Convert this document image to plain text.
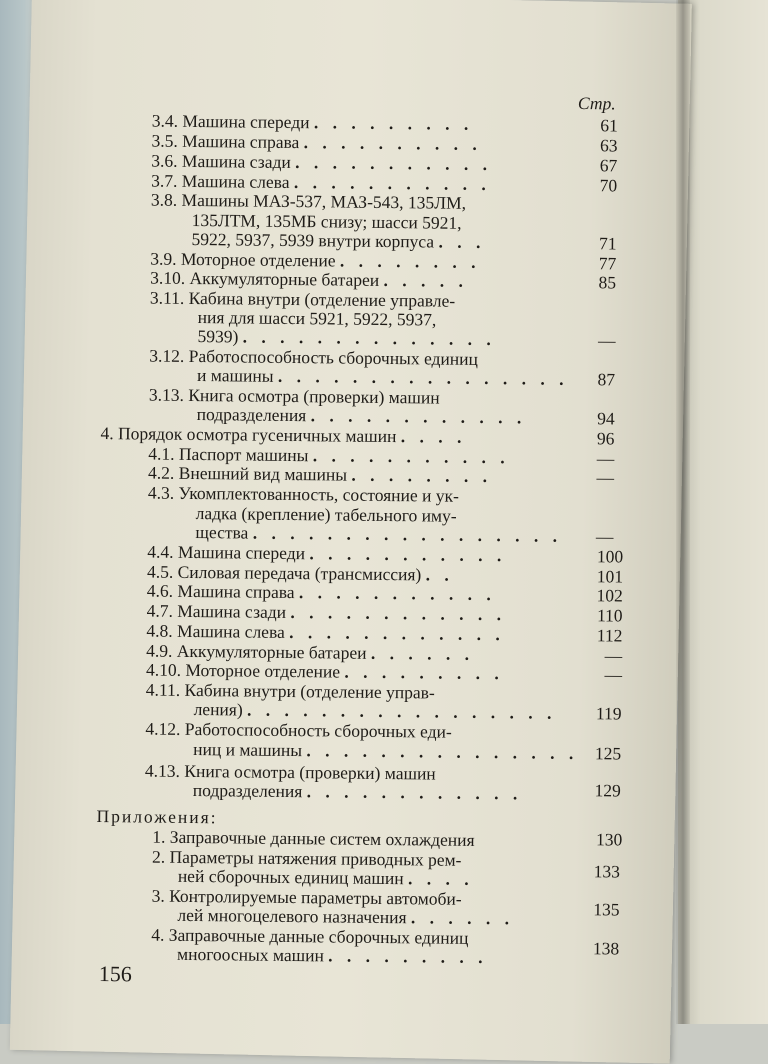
Стр.
3.4. Машина спереди . . . . . . . . .	61
3.5. Машина справа . . . . . . . . . .	63
3.6. Машина сзади . . . . . . . . . . .	67
3.7. Машина слева . . . . . . . . . . .	70
3.8. Машины МАЗ-537, МАЗ-543, 135ЛМ,
135ЛТМ, 135МБ снизу; шасси 5921,
5922, 5937, 5939 внутри корпуса . . .	71
3.9. Моторное отделение . . . . . . . .	77
3.10. Аккумуляторные батареи . . . . .	85
3.11. Кабина внутри (отделение управле-
ния для шасси 5921, 5922, 5937,
5939) . . . . . . . . . . . . . .	—
3.12. Работоспособность сборочных единиц
и машины . . . . . . . . . . . . . . . .	87
3.13. Книга осмотра (проверки) машин
подразделения . . . . . . . . . . . .	94
4. Порядок осмотра гусеничных машин . . . .	96
4.1. Паспорт машины . . . . . . . . . . .	—
4.2. Внешний вид машины . . . . . . . .	—
4.3. Укомплектованность, состояние и ук-
ладка (крепление) табельного иму-
щества . . . . . . . . . . . . . . . . .	—
4.4. Машина спереди . . . . . . . . . . .	100
4.5. Силовая передача (трансмиссия) . .	101
4.6. Машина справа . . . . . . . . . . .	102
4.7. Машина сзади . . . . . . . . . . . .	110
4.8. Машина слева . . . . . . . . . . . .	112
4.9. Аккумуляторные батареи . . . . . .	—
4.10. Моторное отделение . . . . . . . . .	—
4.11. Кабина внутри (отделение управ-
ления) . . . . . . . . . . . . . . . . .	119
4.12. Работоспособность сборочных еди-
ниц и машины . . . . . . . . . . . . . . . 125
4.13. Книга осмотра (проверки) машин
подразделения . . . . . . . . . . . .	129
Приложения:
1. Заправочные данные систем охлаждения	130
2. Параметры натяжения приводных рем-
ней сборочных единиц машин . . . .	133
3. Контролируемые параметры автомоби-
лей многоцелевого назначения . . . . . .	135
4. Заправочные данные сборочных единиц
многоосных машин . . . . . . . . .	138
156
